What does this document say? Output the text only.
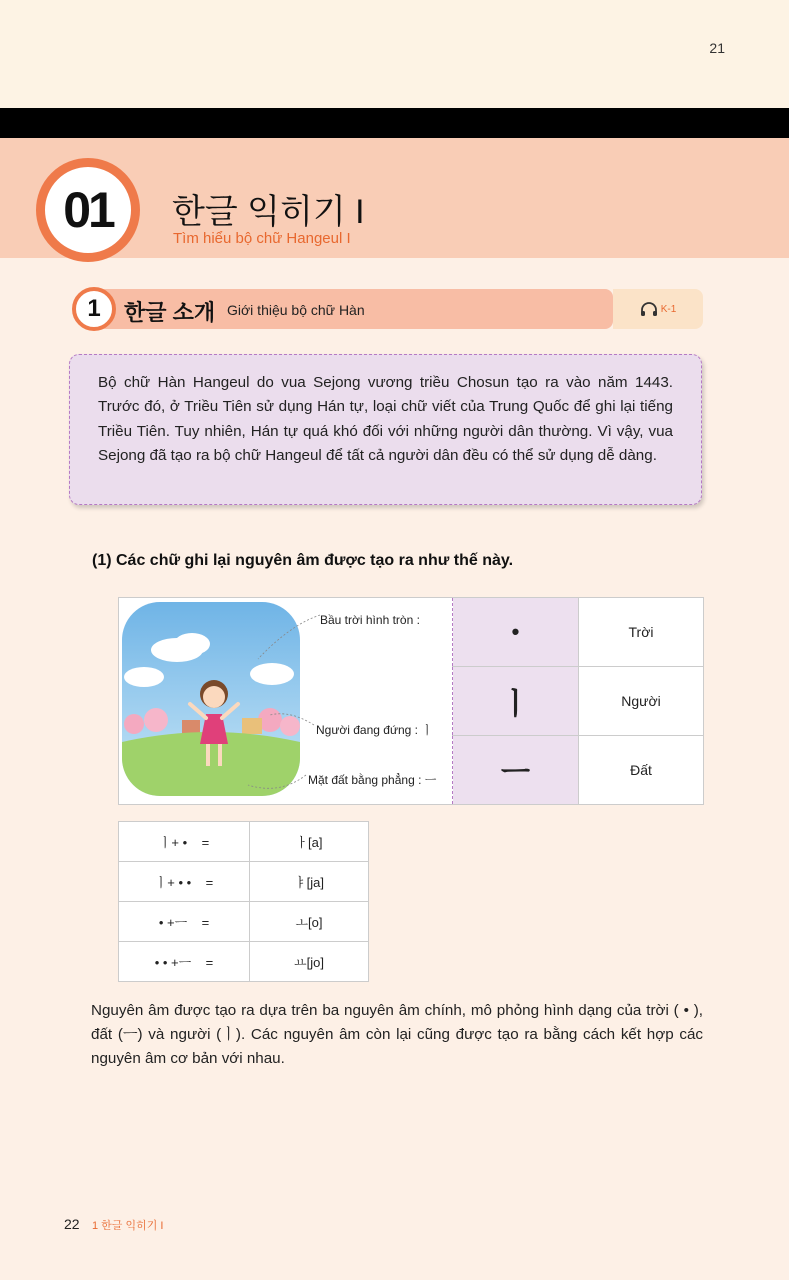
21
01 한글 익히기 I
Tìm hiểu bộ chữ Hangeul I
1	한글 소개 Giới thiệu bộ chữ Hàn	K-1
Bộ chữ Hàn Hangeul do vua Sejong vương triều Chosun tạo ra vào năm 1443. Trước đó, ở Triều Tiên sử dụng Hán tự, loại chữ viết của Trung Quốc để ghi lại tiếng Triều Tiên. Tuy nhiên, Hán tự quá khó đối với những người dân thường. Vì vậy, vua Sejong đã tạo ra bộ chữ Hangeul để tất cả người dân đều có thể sử dụng dễ dàng.
(1) Các chữ ghi lại nguyên âm được tạo ra như thế này.
Bầu trời hình tròn :
Người đang đứng : ㅣ
Mặt đất bằng phẳng : ㅡ
•	Trời
ㅣ	Người
ㅡ	Đất
ㅣ+ • =	ㅏ[a]
ㅣ+ • • =	ㅑ[ja]
• +ㅡ =	ㅗ[o]
• • +ㅡ =	ㅛ[jo]
Nguyên âm được tạo ra dựa trên ba nguyên âm chính, mô phỏng hình dạng của trời ( • ), đất (ㅡ) và người (ㅣ). Các nguyên âm còn lại cũng được tạo ra bằng cách kết hợp các nguyên âm cơ bản với nhau.
22 1 한글 익히기 I
